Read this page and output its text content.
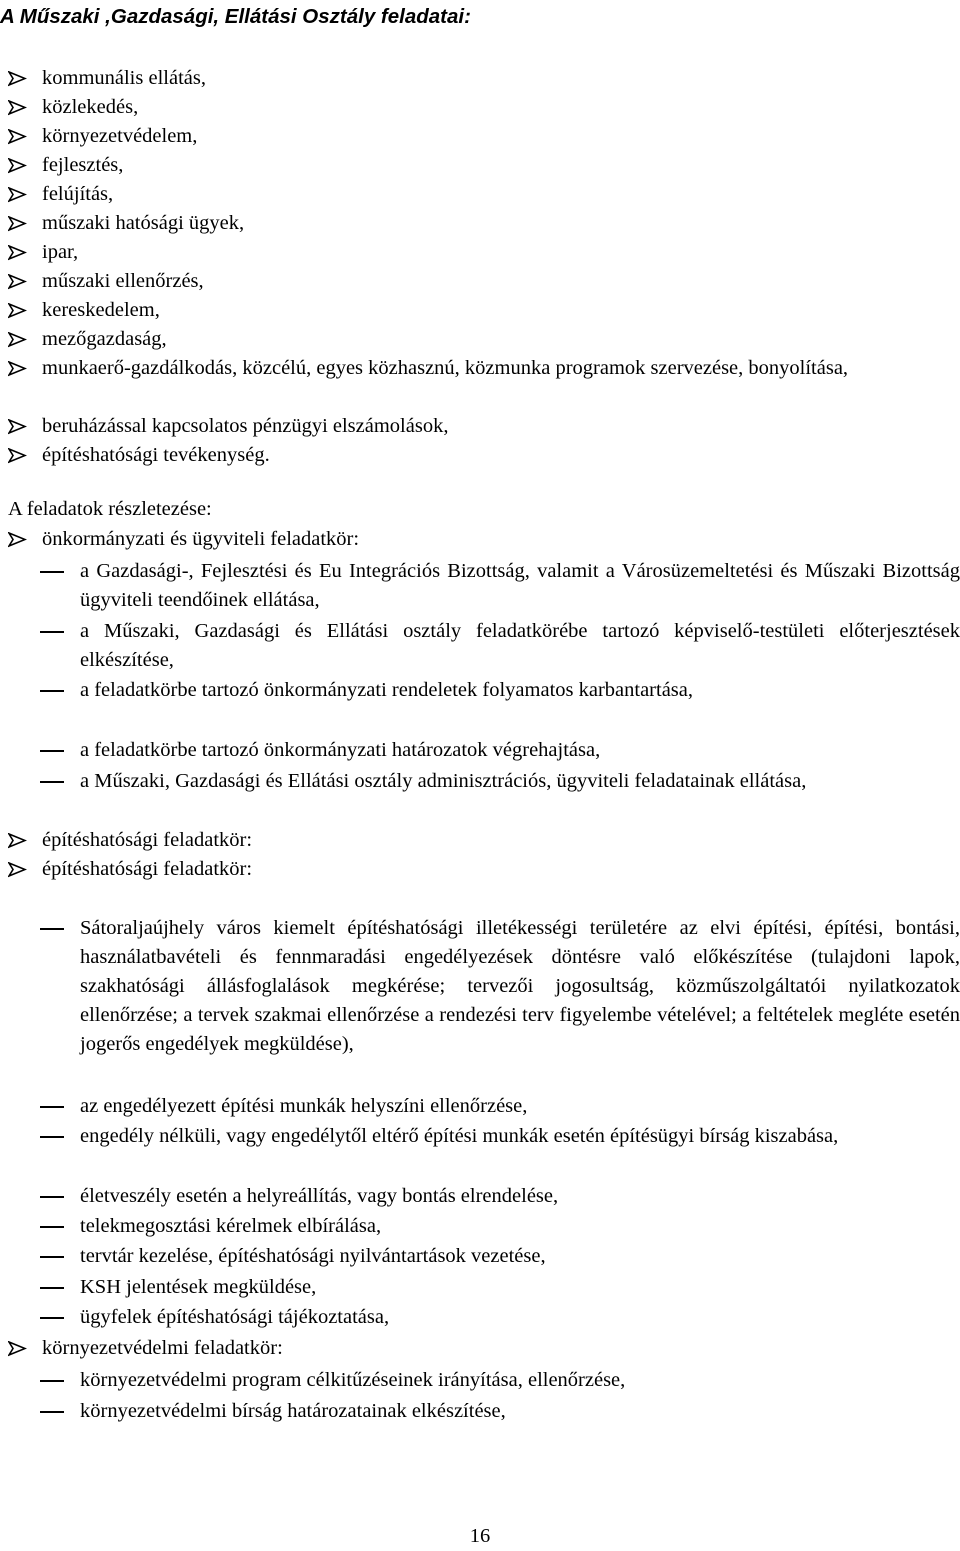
A Műszaki ,Gazdasági, Ellátási Osztály feladatai:
kommunális ellátás,
közlekedés,
környezetvédelem,
fejlesztés,
felújítás,
műszaki hatósági ügyek,
ipar,
műszaki ellenőrzés,
kereskedelem,
mezőgazdaság,
munkaerő-gazdálkodás, közcélú, egyes közhasznú, közmunka programok szervezése, bonyolítása,
beruházással kapcsolatos pénzügyi elszámolások,
építéshatósági tevékenység.
A feladatok részletezése:
önkormányzati és ügyviteli feladatkör:
a Gazdasági-, Fejlesztési és Eu Integrációs Bizottság, valamit a Városüzemeltetési és Műszaki Bizottság ügyviteli teendőinek ellátása,
a Műszaki, Gazdasági és Ellátási osztály feladatkörébe tartozó képviselő-testületi előterjesztések elkészítése,
a feladatkörbe tartozó önkormányzati rendeletek folyamatos karbantartása,
a feladatkörbe tartozó önkormányzati határozatok végrehajtása,
a Műszaki, Gazdasági és Ellátási osztály adminisztrációs, ügyviteli feladatainak ellátása,
építéshatósági feladatkör:
építéshatósági feladatkör:
Sátoraljaújhely város kiemelt építéshatósági illetékességi területére az elvi építési, építési, bontási, használatbavételi és fennmaradási engedélyezések döntésre való előkészítése (tulajdoni lapok, szakhatósági állásfoglalások megkérése; tervezői jogosultság, közműszolgáltatói nyilatkozatok ellenőrzése; a tervek szakmai ellenőrzése a rendezési terv figyelembe vételével; a feltételek megléte esetén jogerős engedélyek megküldése),
az engedélyezett építési munkák helyszíni ellenőrzése,
engedély nélküli, vagy engedélytől eltérő építési munkák esetén építésügyi bírság kiszabása,
életveszély esetén a helyreállítás, vagy bontás elrendelése,
telekmegosztási kérelmek elbírálása,
tervtár kezelése, építéshatósági nyilvántartások vezetése,
KSH jelentések megküldése,
ügyfelek építéshatósági tájékoztatása,
környezetvédelmi feladatkör:
környezetvédelmi program célkitűzéseinek irányítása, ellenőrzése,
környezetvédelmi bírság határozatainak elkészítése,
16
